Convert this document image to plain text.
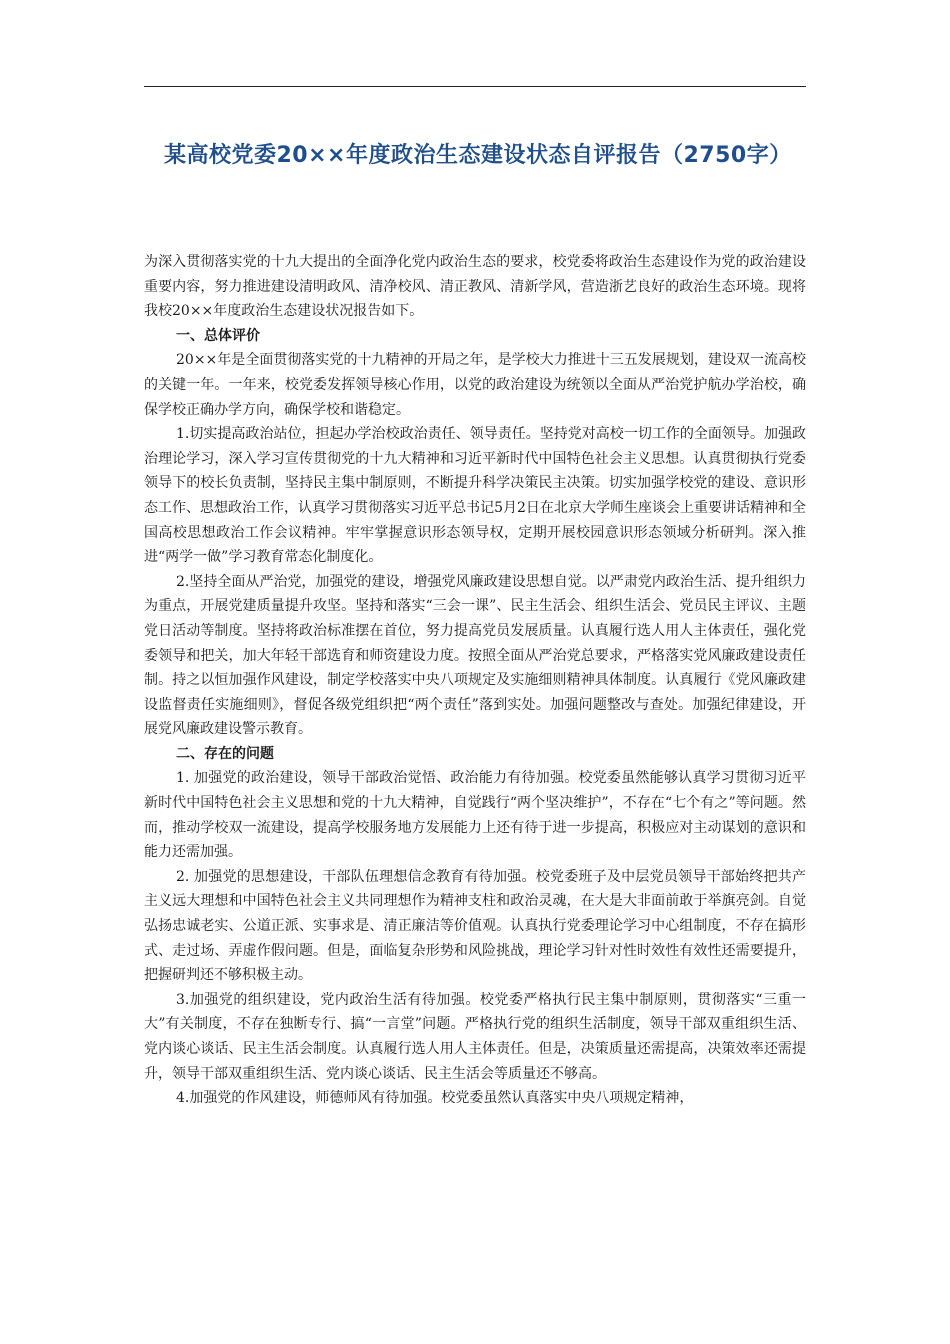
某高校党委20××年度政治生态建设状态自评报告（2750字）

为深入贯彻落实党的十九大提出的全面净化党内政治生态的要求，校党委将政治生态建设作为党的政治建设重要内容，努力推进建设清明政风、清净校风、清正教风、清新学风，营造浙艺良好的政治生态环境。现将我校20××年度政治生态建设状况报告如下。

一、总体评价

20××年是全面贯彻落实党的十九精神的开局之年，是学校大力推进十三五发展规划，建设双一流高校的关键一年。一年来，校党委发挥领导核心作用，以党的政治建设为统领以全面从严治党护航办学治校，确保学校正确办学方向，确保学校和谐稳定。

1.切实提高政治站位，担起办学治校政治责任、领导责任。坚持党对高校一切工作的全面领导。加强政治理论学习，深入学习宣传贯彻党的十九大精神和习近平新时代中国特色社会主义思想。认真贯彻执行党委领导下的校长负责制，坚持民主集中制原则，不断提升科学决策民主决策。切实加强学校党的建设、意识形态工作、思想政治工作，认真学习贯彻落实习近平总书记5月2日在北京大学师生座谈会上重要讲话精神和全国高校思想政治工作会议精神。牢牢掌握意识形态领导权，定期开展校园意识形态领域分析研判。深入推进“两学一做”学习教育常态化制度化。

2.坚持全面从严治党，加强党的建设，增强党风廉政建设思想自觉。以严肃党内政治生活、提升组织力为重点，开展党建质量提升攻坚。坚持和落实“三会一课”、民主生活会、组织生活会、党员民主评议、主题党日活动等制度。坚持将政治标准摆在首位，努力提高党员发展质量。认真履行选人用人主体责任，强化党委领导和把关，加大年轻干部选育和师资建设力度。按照全面从严治党总要求，严格落实党风廉政建设责任制。持之以恒加强作风建设，制定学校落实中央八项规定及实施细则精神具体制度。认真履行《党风廉政建设监督责任实施细则》，督促各级党组织把“两个责任”落到实处。加强问题整改与查处。加强纪律建设，开展党风廉政建设警示教育。

二、存在的问题

1. 加强党的政治建设，领导干部政治觉悟、政治能力有待加强。校党委虽然能够认真学习贯彻习近平新时代中国特色社会主义思想和党的十九大精神，自觉践行“两个坚决维护”，不存在“七个有之”等问题。然而，推动学校双一流建设，提高学校服务地方发展能力上还有待于进一步提高，积极应对主动谋划的意识和能力还需加强。

2. 加强党的思想建设，干部队伍理想信念教育有待加强。校党委班子及中层党员领导干部始终把共产主义远大理想和中国特色社会主义共同理想作为精神支柱和政治灵魂，在大是大非面前敢于举旗亮剑。自觉弘扬忠诚老实、公道正派、实事求是、清正廉洁等价值观。认真执行党委理论学习中心组制度，不存在搞形式、走过场、弄虚作假问题。但是，面临复杂形势和风险挑战，理论学习针对性时效性有效性还需要提升，把握研判还不够积极主动。

3.加强党的组织建设，党内政治生活有待加强。校党委严格执行民主集中制原则，贯彻落实“三重一大”有关制度，不存在独断专行、搞“一言堂”问题。严格执行党的组织生活制度，领导干部双重组织生活、党内谈心谈话、民主生活会制度。认真履行选人用人主体责任。但是，决策质量还需提高，决策效率还需提升，领导干部双重组织生活、党内谈心谈话、民主生活会等质量还不够高。

4.加强党的作风建设，师德师风有待加强。校党委虽然认真落实中央八项规定精神，
